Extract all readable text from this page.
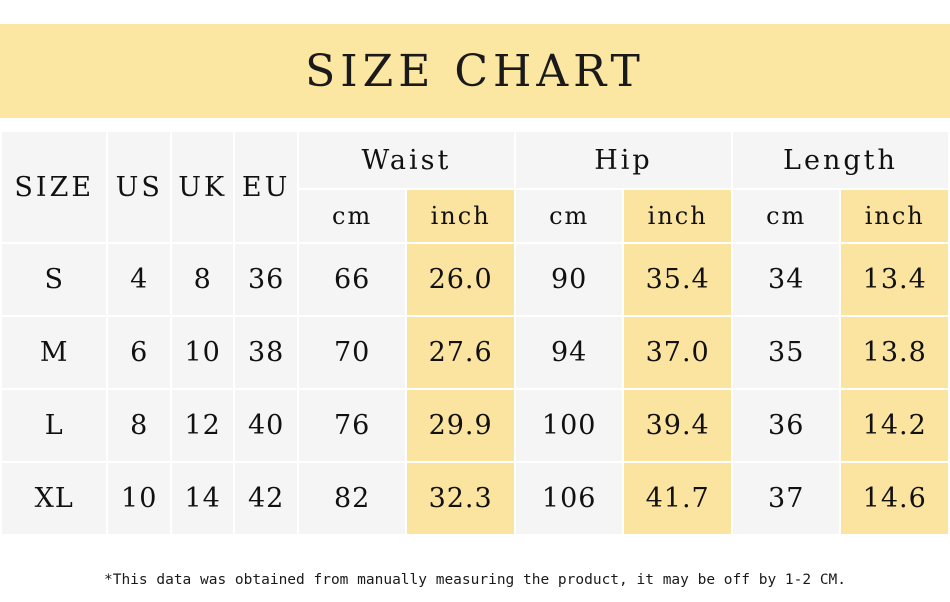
SIZE CHART
SIZE	US	UK	EU	Waist		Hip		Length	
				cm	inch	cm	inch	cm	inch
S	4	8	36	66	26.0	90	35.4	34	13.4
M	6	10	38	70	27.6	94	37.0	35	13.8
L	8	12	40	76	29.9	100	39.4	36	14.2
XL	10	14	42	82	32.3	106	41.7	37	14.6
*This data was obtained from manually measuring the product, it may be off by 1-2 CM.
